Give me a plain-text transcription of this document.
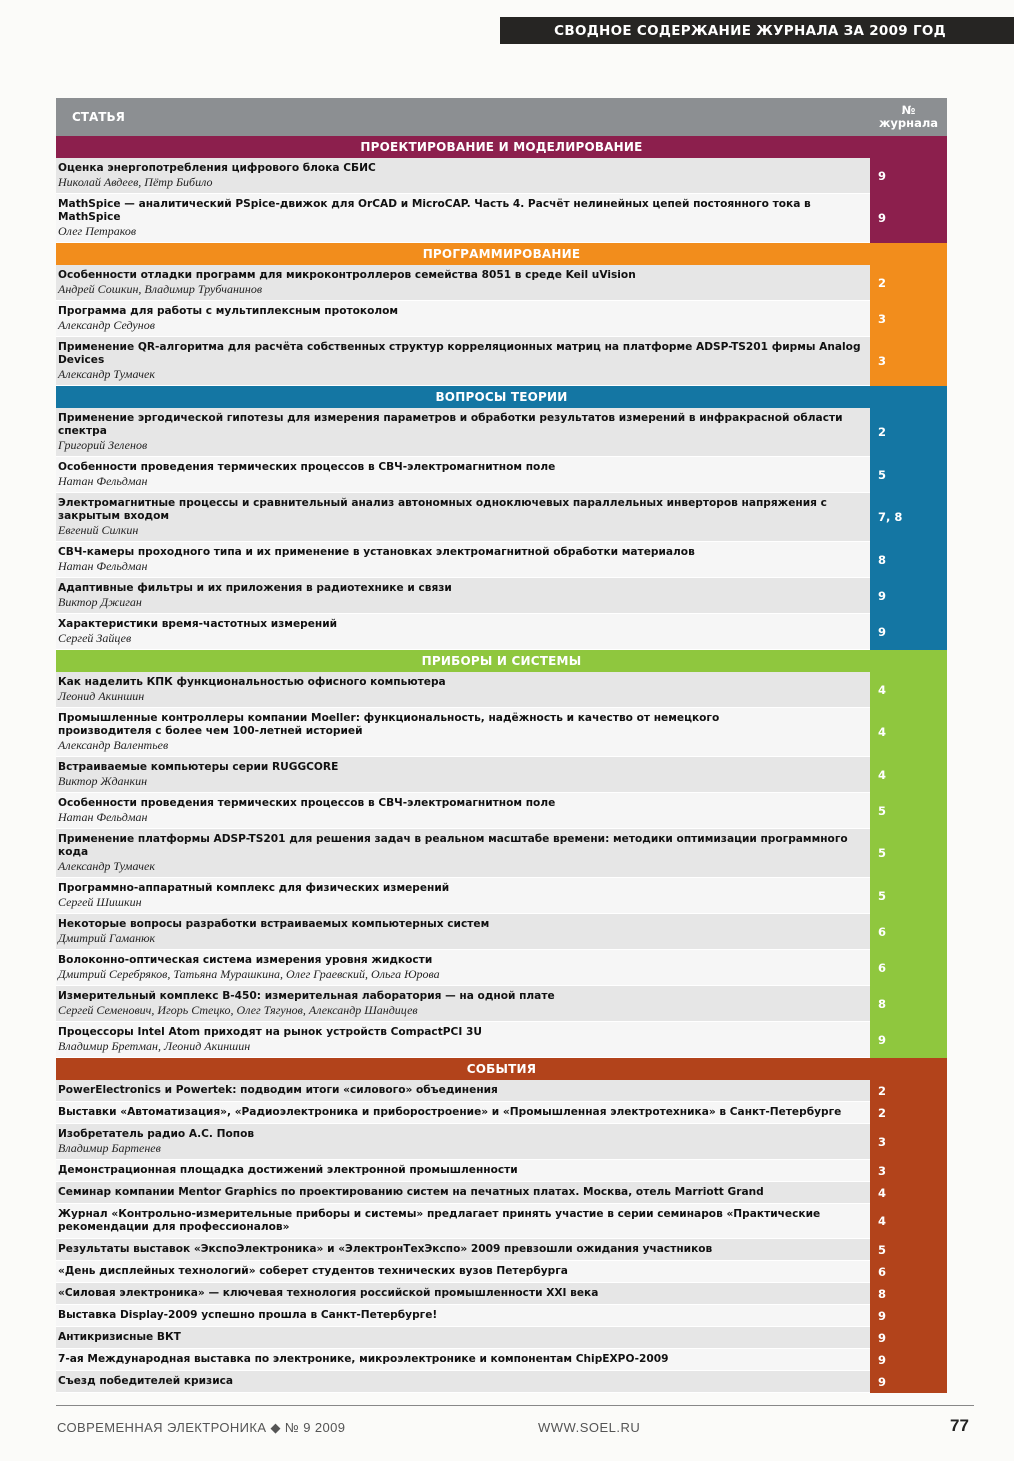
СВОДНОЕ СОДЕРЖАНИЕ ЖУРНАЛА ЗА 2009 ГОД
СТАТЬЯ	№
журнала
ПРОЕКТИРОВАНИЕ И МОДЕЛИРОВАНИЕ	

Оценка энергопотребления цифрового блока СБИС
Николай Авдеев, Пётр Бибило	9

MathSpice — аналитический PSpice-движок для OrCAD и MicroCAP. Часть 4. Расчёт нелинейных цепей постоянного тока в MathSpice
Олег Петраков	9
ПРОГРАММИРОВАНИЕ	

Особенности отладки программ для микроконтроллеров семейства 8051 в среде Keil uVision
Андрей Сошкин, Владимир Трубчанинов	2

Программа для работы с мультиплексным протоколом
Александр Седунов	3

Применение QR-алгоритма для расчёта собственных структур корреляционных матриц на платформе ADSP-TS201 фирмы Analog Devices
Александр Тумачек	3
ВОПРОСЫ ТЕОРИИ	

Применение эргодической гипотезы для измерения параметров и обработки результатов измерений в инфракрасной области спектра
Григорий Зеленов	2

Особенности проведения термических процессов в СВЧ-электромагнитном поле
Натан Фельдман	5

Электромагнитные процессы и сравнительный анализ автономных одноключевых параллельных инверторов напряжения с закрытым входом
Евгений Силкин	7, 8

СВЧ-камеры проходного типа и их применение в установках электромагнитной обработки материалов
Натан Фельдман	8

Адаптивные фильтры и их приложения в радиотехнике и связи
Виктор Джиган	9

Характеристики время-частотных измерений
Сергей Зайцев	9
ПРИБОРЫ И СИСТЕМЫ	

Как наделить КПК функциональностью офисного компьютера
Леонид Акиншин	4

Промышленные контроллеры компании Moeller: функциональность, надёжность и качество от немецкого производителя с более чем 100-летней историей
Александр Валентьев	4

Встраиваемые компьютеры серии RUGGCORE
Виктор Жданкин	4

Особенности проведения термических процессов в СВЧ-электромагнитном поле
Натан Фельдман	5

Применение платформы ADSP-TS201 для решения задач в реальном масштабе времени: методики оптимизации программного кода
Александр Тумачек	5

Программно-аппаратный комплекс для физических измерений
Сергей Шишкин	5

Некоторые вопросы разработки встраиваемых компьютерных систем
Дмитрий Гаманюк	6

Волоконно-оптическая система измерения уровня жидкости
Дмитрий Серебряков, Татьяна Мурашкина, Олег Граевский, Ольга Юрова	6

Измерительный комплекс B-450: измерительная лаборатория — на одной плате
Сергей Семенович, Игорь Стецко, Олег Тягунов, Александр Шандицев	8

Процессоры Intel Atom приходят на рынок устройств CompactPCI 3U
Владимир Бретман, Леонид Акиншин	9
СОБЫТИЯ	

PowerElectronics и Powertek: подводим итоги «силового» объединения	2

Выставки «Автоматизация», «Радиоэлектроника и приборостроение» и «Промышленная электротехника» в Санкт-Петербурге	2

Изобретатель радио А.С. Попов
Владимир Бартенев	3

Демонстрационная площадка достижений электронной промышленности	3

Семинар компании Mentor Graphics по проектированию систем на печатных платах. Москва, отель Marriott Grand	4

Журнал «Контрольно-измерительные приборы и системы» предлагает принять участие в серии семинаров «Практические рекомендации для профессионалов»	4

Результаты выставок «ЭкспоЭлектроника» и «ЭлектронТехЭкспо» 2009 превзошли ожидания участников	5

«День дисплейных технологий» соберет студентов технических вузов Петербурга	6

«Силовая электроника» — ключевая технология российской промышленности XXI века	8

Выставка Display-2009 успешно прошла в Санкт-Петербурге!	9

Антикризисные ВКТ	9

7-ая Международная выставка по электронике, микроэлектронике и компонентам ChipEXPO-2009	9

Съезд победителей кризиса	9
СОВРЕМЕННАЯ ЭЛЕКТРОНИКА ◆ № 9 2009	WWW.SOEL.RU	77
